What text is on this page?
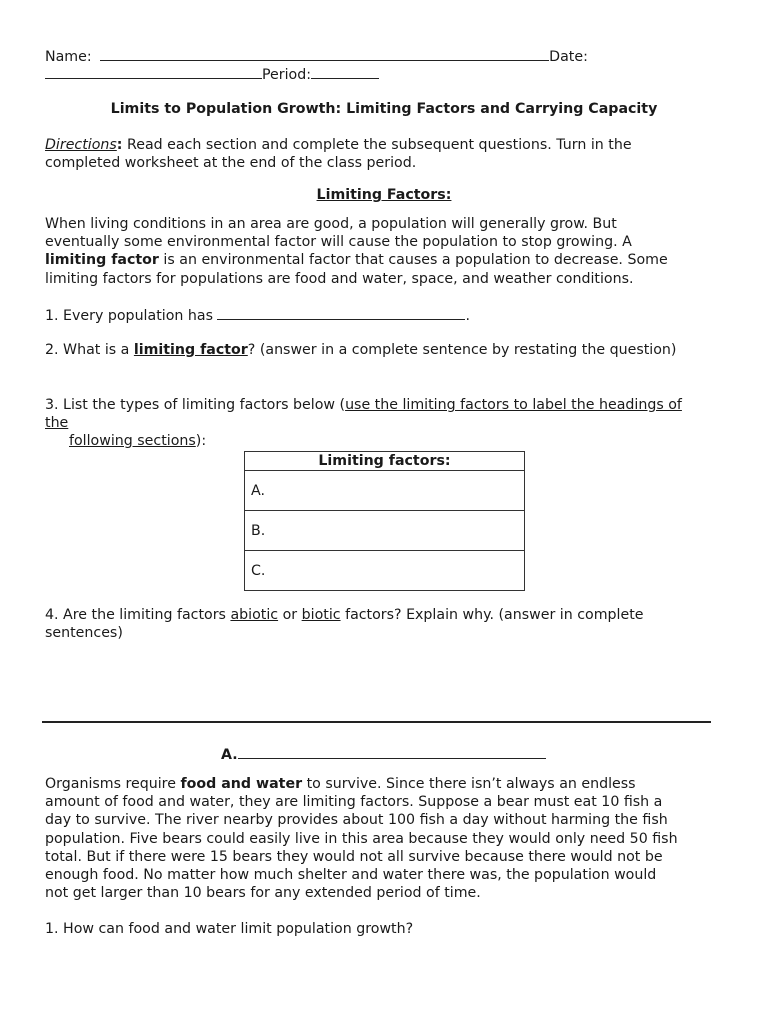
Name:	Date:
Period:
Limits to Population Growth: Limiting Factors and Carrying Capacity
Directions: Read each section and complete the subsequent questions. Turn in the
completed worksheet at the end of the class period.
Limiting Factors:
When living conditions in an area are good, a population will generally grow. But
eventually some environmental factor will cause the population to stop growing. A
limiting factor is an environmental factor that causes a population to decrease. Some
limiting factors for populations are food and water, space, and weather conditions.
1. Every population has	.
2. What is a limiting factor? (answer in a complete sentence by restating the question)
3. List the types of limiting factors below (use the limiting factors to label the headings of
the
following sections):
Limiting factors:
A.
B.
C.
4. Are the limiting factors abiotic or biotic factors? Explain why. (answer in complete
sentences)
A.
Organisms require food and water to survive. Since there isn’t always an endless
amount of food and water, they are limiting factors. Suppose a bear must eat 10 fish a
day to survive. The river nearby provides about 100 fish a day without harming the fish
population. Five bears could easily live in this area because they would only need 50 fish
total. But if there were 15 bears they would not all survive because there would not be
enough food. No matter how much shelter and water there was, the population would
not get larger than 10 bears for any extended period of time.
1. How can food and water limit population growth?
